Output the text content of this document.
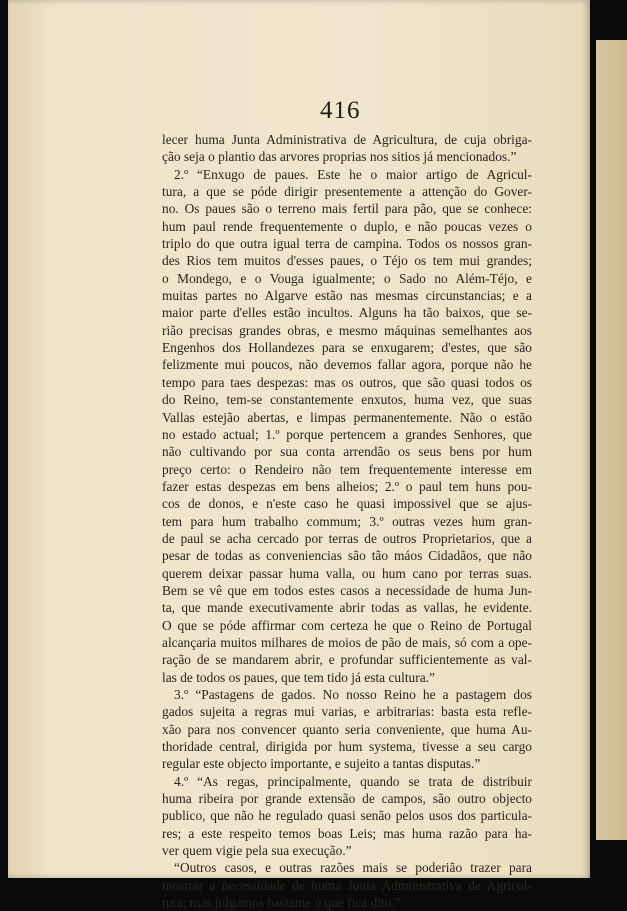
416
lecer huma Junta Administrativa de Agricultura, de cuja obriga-
ção seja o plantio das arvores proprias nos sitios já mencionados.”
2.º “Enxugo de paues. Este he o maior artigo de Agricul-
tura, a que se póde dirigir presentemente a attenção do Gover-
no. Os paues são o terreno mais fertil para pão, que se conhece:
hum paul rende frequentemente o duplo, e não poucas vezes o
triplo do que outra igual terra de campina. Todos os nossos gran-
des Rios tem muitos d'esses paues, o Téjo os tem mui grandes;
o Mondego, e o Vouga igualmente; o Sado no Além-Téjo, e
muitas partes no Algarve estão nas mesmas circunstancias; e a
maior parte d'elles estão incultos. Alguns ha tão baixos, que se-
rião precisas grandes obras, e mesmo máquinas semelhantes aos
Engenhos dos Hollandezes para se enxugarem; d'estes, que são
felizmente mui poucos, não devemos fallar agora, porque não he
tempo para taes despezas: mas os outros, que são quasi todos os
do Reino, tem-se constantemente enxutos, huma vez, que suas
Vallas estejão abertas, e limpas permanentemente. Não o estão
no estado actual; 1.º porque pertencem a grandes Senhores, que
não cultivando por sua conta arrendão os seus bens por hum
preço certo: o Rendeiro não tem frequentemente interesse em
fazer estas despezas em bens alheios; 2.º o paul tem huns pou-
cos de donos, e n'este caso he quasi impossivel que se ajus-
tem para hum trabalho commum; 3.º outras vezes hum gran-
de paul se acha cercado por terras de outros Proprietarios, que a
pesar de todas as conveniencias são tão máos Cidadãos, que não
querem deixar passar huma valla, ou hum cano por terras suas.
Bem se vê que em todos estes casos a necessidade de huma Jun-
ta, que mande executivamente abrir todas as vallas, he evidente.
O que se póde affirmar com certeza he que o Reino de Portugal
alcançaria muitos milhares de moios de pão de mais, só com a ope-
ração de se mandarem abrir, e profundar sufficientemente as val-
las de todos os paues, que tem tido já esta cultura.”
3.º “Pastagens de gados. No nosso Reino he a pastagem dos
gados sujeita a regras mui varias, e arbitrarias: basta esta refle-
xão para nos convencer quanto seria conveniente, que huma Au-
thoridade central, dirigida por hum systema, tivesse a seu cargo
regular este objecto importante, e sujeito a tantas disputas.”
4.º “As regas, principalmente, quando se trata de distribuir
huma ribeira por grande extensão de campos, são outro objecto
publico, que não he regulado quasi senão pelos usos dos particula-
res; a este respeito temos boas Leis; mas huma razão para ha-
ver quem vigie pela sua execução.”
“Outros casos, e outras razões mais se poderião trazer para
mostrar a necessidade de huma Junta Administrativa de Agricul-
tura; mas julgamos bastante o que fica dito.”
